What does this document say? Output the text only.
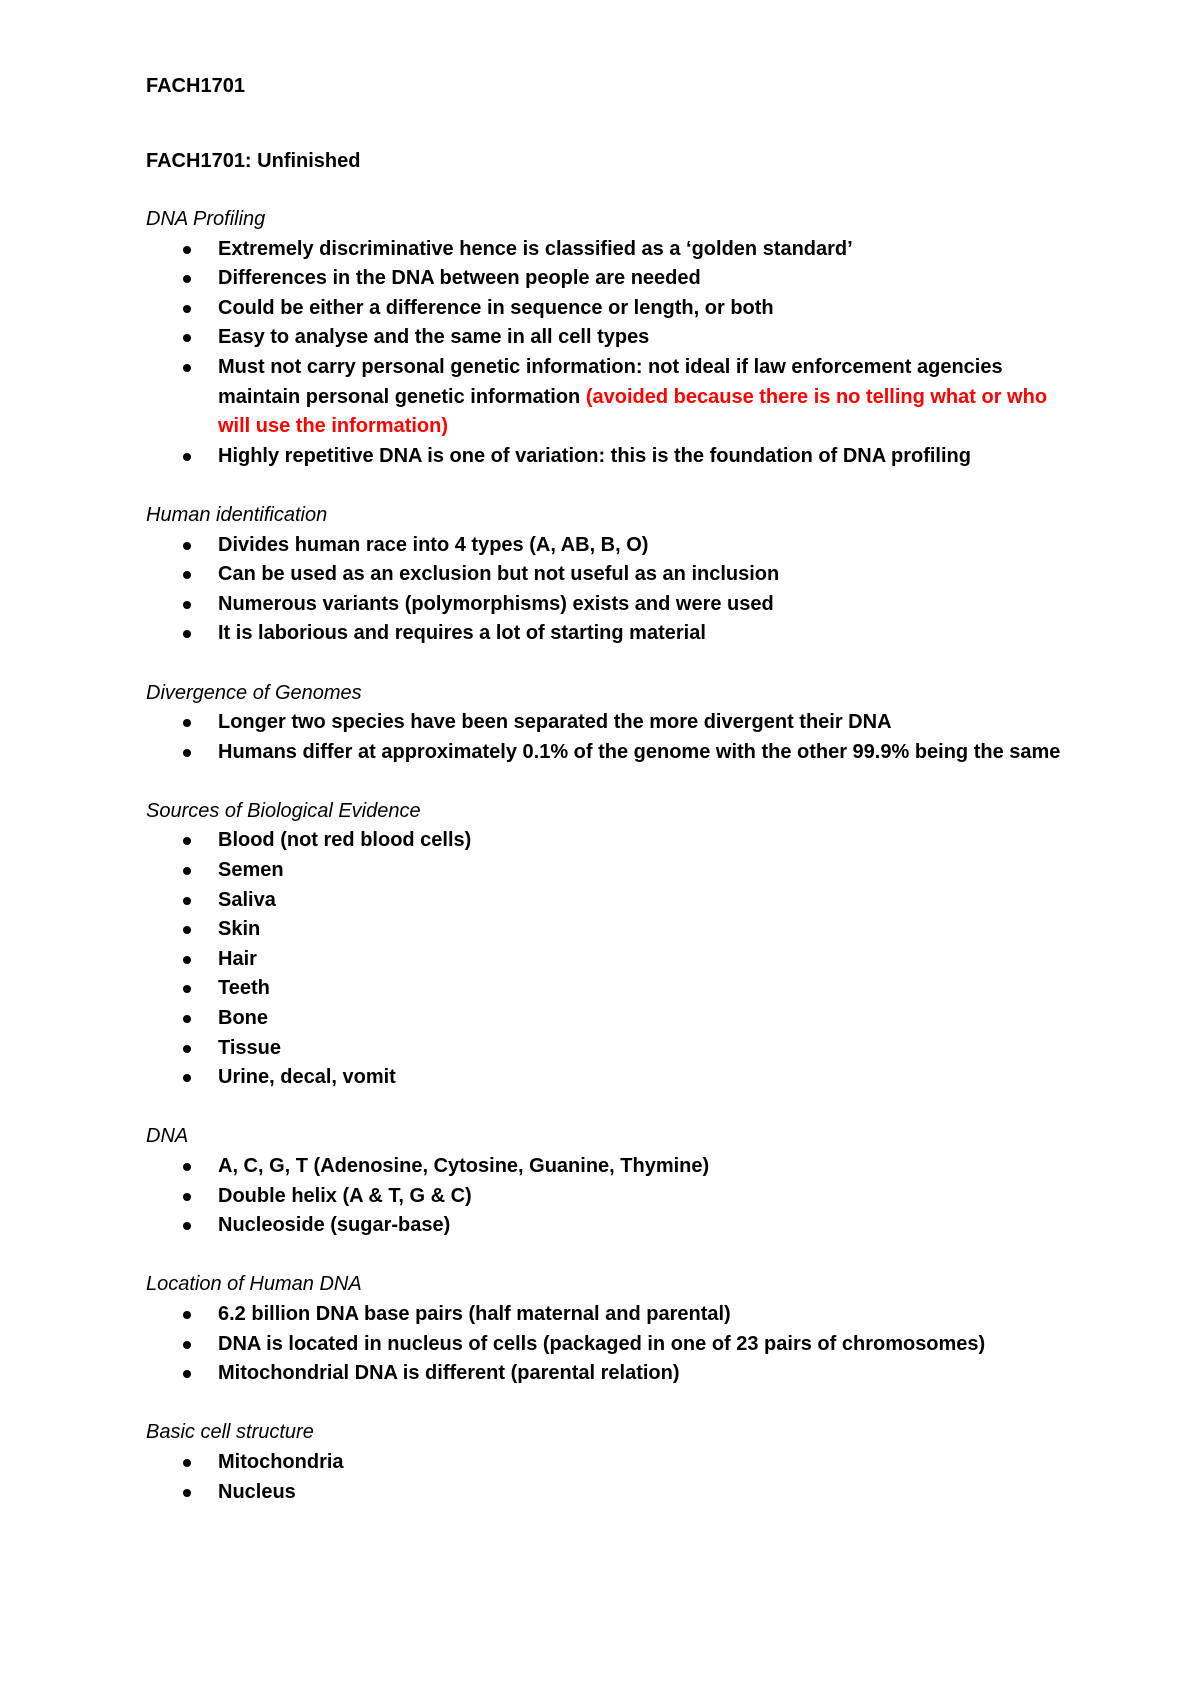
FACH1701
FACH1701: Unfinished
DNA Profiling
Extremely discriminative hence is classified as a ‘golden standard’
Differences in the DNA between people are needed
Could be either a difference in sequence or length, or both
Easy to analyse and the same in all cell types
Must not carry personal genetic information: not ideal if law enforcement agencies maintain personal genetic information (avoided because there is no telling what or who will use the information)
Highly repetitive DNA is one of variation: this is the foundation of DNA profiling
Human identification
Divides human race into 4 types (A, AB, B, O)
Can be used as an exclusion but not useful as an inclusion
Numerous variants (polymorphisms) exists and were used
It is laborious and requires a lot of starting material
Divergence of Genomes
Longer two species have been separated the more divergent their DNA
Humans differ at approximately 0.1% of the genome with the other 99.9% being the same
Sources of Biological Evidence
Blood (not red blood cells)
Semen
Saliva
Skin
Hair
Teeth
Bone
Tissue
Urine, decal, vomit
DNA
A, C, G, T (Adenosine, Cytosine, Guanine, Thymine)
Double helix (A & T, G & C)
Nucleoside (sugar-base)
Location of Human DNA
6.2 billion DNA base pairs (half maternal and parental)
DNA is located in nucleus of cells (packaged in one of 23 pairs of chromosomes)
Mitochondrial DNA is different (parental relation)
Basic cell structure
Mitochondria
Nucleus
